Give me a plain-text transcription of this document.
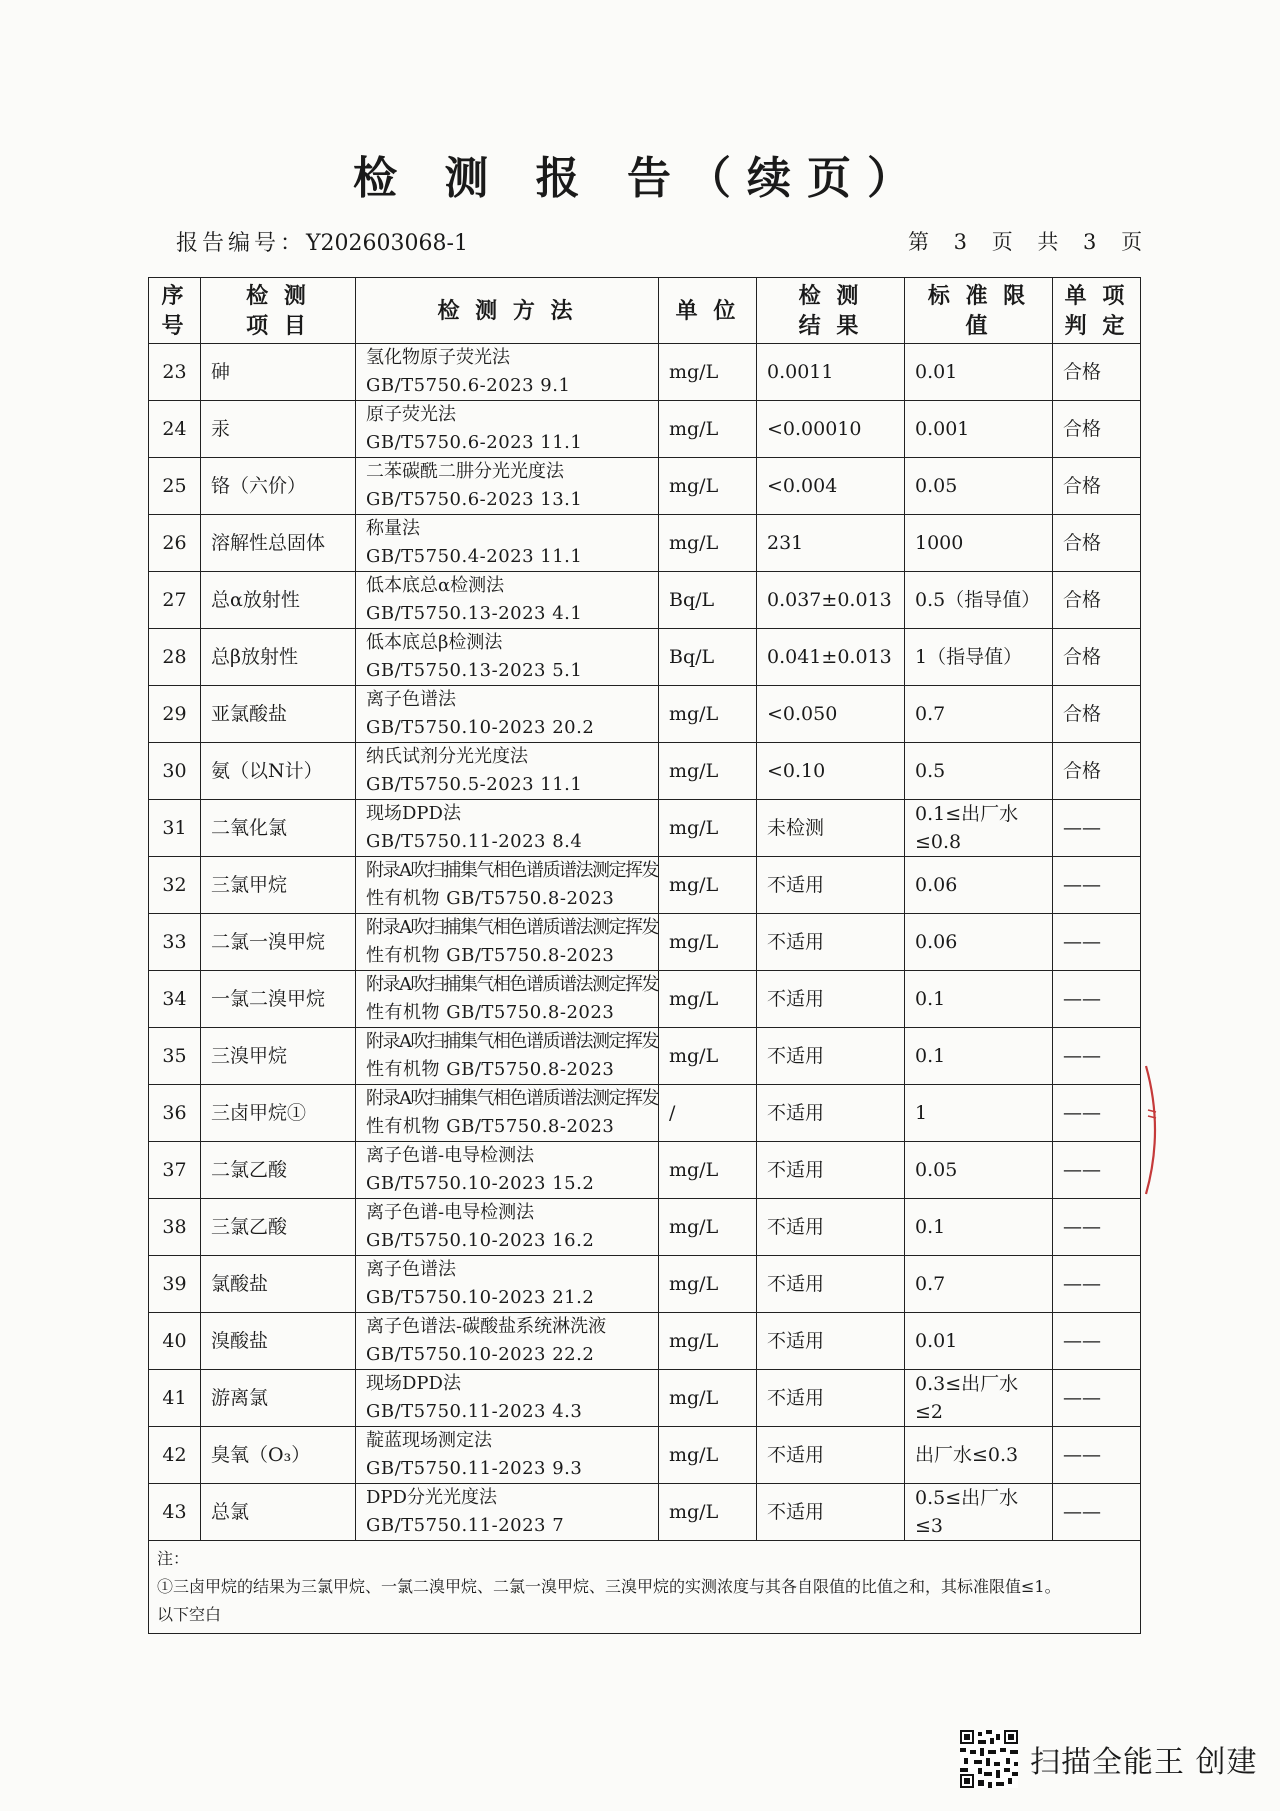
检 测 报 告（续页）
报告编号：Y202603068-1	第 3 页 共 3 页
序
号	检 测
项 目	检 测 方 法	单 位	检 测
结 果	标 准 限 值	单 项
判 定
23	砷	氢化物原子荧光法
GB/T5750.6-2023 9.1	mg/L	0.0011	0.01	合格
24	汞	原子荧光法
GB/T5750.6-2023 11.1	mg/L	<0.00010	0.001	合格
25	铬（六价）	二苯碳酰二肼分光光度法
GB/T5750.6-2023 13.1	mg/L	<0.004	0.05	合格
26	溶解性总固体	称量法
GB/T5750.4-2023 11.1	mg/L	231	1000	合格
27	总α放射性	低本底总α检测法
GB/T5750.13-2023 4.1	Bq/L	0.037±0.013	0.5（指导值）	合格
28	总β放射性	低本底总β检测法
GB/T5750.13-2023 5.1	Bq/L	0.041±0.013	1（指导值）	合格
29	亚氯酸盐	离子色谱法
GB/T5750.10-2023 20.2	mg/L	<0.050	0.7	合格
30	氨（以N计）	纳氏试剂分光光度法
GB/T5750.5-2023 11.1	mg/L	<0.10	0.5	合格
31	二氧化氯	现场DPD法
GB/T5750.11-2023 8.4	mg/L	未检测	0.1≤出厂水≤0.8	——
32	三氯甲烷	附录A吹扫捕集气相色谱质谱法测定挥发
性有机物 GB/T5750.8-2023	mg/L	不适用	0.06	——
33	二氯一溴甲烷	附录A吹扫捕集气相色谱质谱法测定挥发
性有机物 GB/T5750.8-2023	mg/L	不适用	0.06	——
34	一氯二溴甲烷	附录A吹扫捕集气相色谱质谱法测定挥发
性有机物 GB/T5750.8-2023	mg/L	不适用	0.1	——
35	三溴甲烷	附录A吹扫捕集气相色谱质谱法测定挥发
性有机物 GB/T5750.8-2023	mg/L	不适用	0.1	——
36	三卤甲烷①	附录A吹扫捕集气相色谱质谱法测定挥发
性有机物 GB/T5750.8-2023	/	不适用	1	——
37	二氯乙酸	离子色谱-电导检测法
GB/T5750.10-2023 15.2	mg/L	不适用	0.05	——
38	三氯乙酸	离子色谱-电导检测法
GB/T5750.10-2023 16.2	mg/L	不适用	0.1	——
39	氯酸盐	离子色谱法
GB/T5750.10-2023 21.2	mg/L	不适用	0.7	——
40	溴酸盐	离子色谱法-碳酸盐系统淋洗液
GB/T5750.10-2023 22.2	mg/L	不适用	0.01	——
41	游离氯	现场DPD法
GB/T5750.11-2023 4.3	mg/L	不适用	0.3≤出厂水≤2	——
42	臭氧（O₃）	靛蓝现场测定法
GB/T5750.11-2023 9.3	mg/L	不适用	出厂水≤0.3	——
43	总氯	DPD分光光度法
GB/T5750.11-2023 7	mg/L	不适用	0.5≤出厂水≤3	——

注：
①三卤甲烷的结果为三氯甲烷、一氯二溴甲烷、二氯一溴甲烷、三溴甲烷的实测浓度与其各自限值的比值之和，其标准限值≤1。
以下空白						
扫描全能王 创建
